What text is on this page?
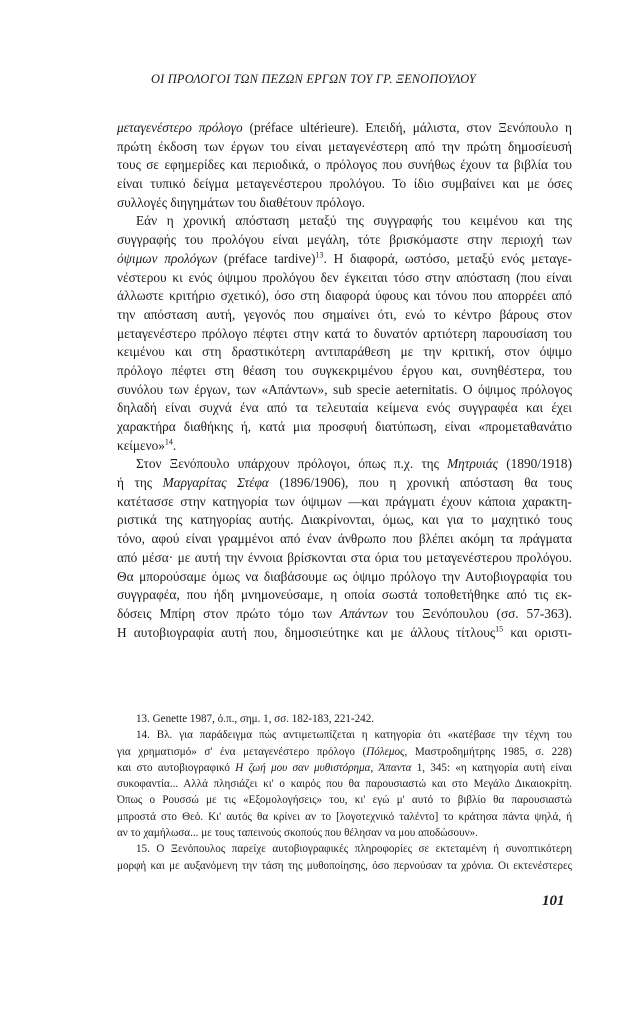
ΟΙ ΠΡΟΛΟΓΟΙ ΤΩΝ ΠΕΖΩΝ ΕΡΓΩΝ ΤΟΥ ΓΡ. ΞΕΝΟΠΟΥΛΟΥ
μεταγενέστερο πρόλογο (préface ultérieure). Επειδή, μάλιστα, στον Ξενόπουλο η
πρώτη έκδοση των έργων του είναι μεταγενέστερη από την πρώτη δημοσίευσή
τους σε εφημερίδες και περιοδικά, ο πρόλογος που συνήθως έχουν τα βιβλία του
είναι τυπικό δείγμα μεταγενέστερου προλόγου. Το ίδιο συμβαίνει και με όσες
συλλογές διηγημάτων του διαθέτουν πρόλογο.
Εάν η χρονική απόσταση μεταξύ της συγγραφής του κειμένου και της
συγγραφής του προλόγου είναι μεγάλη, τότε βρισκόμαστε στην περιοχή των
όψιμων προλόγων (préface tardive)$^{13}$. Η διαφορά, ωστόσο, μεταξύ ενός μεταγε-
νέστερου κι ενός όψιμου προλόγου δεν έγκειται τόσο στην απόσταση (που είναι
άλλωστε κριτήριο σχετικό), όσο στη διαφορά ύφους και τόνου που απορρέει από
την απόσταση αυτή, γεγονός που σημαίνει ότι, ενώ το κέντρο βάρους στον
μεταγενέστερο πρόλογο πέφτει στην κατά το δυνατόν αρτιότερη παρουσίαση του
κειμένου και στη δραστικότερη αντιπαράθεση με την κριτική, στον όψιμο
πρόλογο πέφτει στη θέαση του συγκεκριμένου έργου και, συνηθέστερα, του
συνόλου των έργων, των «Απάντων», sub specie aeternitatis. Ο όψιμος πρόλογος
δηλαδή είναι συχνά ένα από τα τελευταία κείμενα ενός συγγραφέα και έχει
χαρακτήρα διαθήκης ή, κατά μια προσφυή διατύπωση, είναι «προμεταθανάτιο
κείμενο»$^{14}$.
Στον Ξενόπουλο υπάρχουν πρόλογοι, όπως π.χ. της Μητρυιάς (1890/1918)
ή της Μαργαρίτας Στέφα (1896/1906), που η χρονική απόσταση θα τους
κατέτασσε στην κατηγορία των όψιμων —και πράγματι έχουν κάποια χαρακτη-
ριστικά της κατηγορίας αυτής. Διακρίνονται, όμως, και για το μαχητικό τους
τόνο, αφού είναι γραμμένοι από έναν άνθρωπο που βλέπει ακόμη τα πράγματα
από μέσα· με αυτή την έννοια βρίσκονται στα όρια του μεταγενέστερου προλόγου.
Θα μπορούσαμε όμως να διαβάσουμε ως όψιμο πρόλογο την Αυτοβιογραφία του
συγγραφέα, που ήδη μνημονεύσαμε, η οποία σωστά τοποθετήθηκε από τις εκ-
δόσεις Μπίρη στον πρώτο τόμο των Απάντων του Ξενόπουλου (σσ. 57-363).
Η αυτοβιογραφία αυτή που, δημοσιεύτηκε και με άλλους τίτλους$^{15}$ και οριστι-
13. Genette 1987, ό.π., σημ. 1, σσ. 182-183, 221-242.
14. Βλ. για παράδειγμα πώς αντιμετωπίζεται η κατηγορία ότι «κατέβασε την τέχνη του
για χρηματισμό» σ' ένα μεταγενέστερο πρόλογο (Πόλεμος, Μαστροδημήτρης 1985, σ. 228)
και στο αυτοβιογραφικό Η ζωή μου σαν μυθιστόρημα, Άπαντα 1, 345: «η κατηγορία αυτή είναι
συκοφαντία... Αλλά πλησιάζει κι' ο καιρός που θα παρουσιαστώ και στο Μεγάλο Δικαιοκρίτη.
Όπως ο Ρουσσώ με τις «Εξομολογήσεις» του, κι' εγώ μ' αυτό το βιβλίο θα παρουσιαστώ
μπροστά στο Θεό. Κι' αυτός θα κρίνει αν το [λογοτεχνικό ταλέντο] το κράτησα πάντα ψηλά, ή
αν το χαμήλωσα... με τους ταπεινούς σκοπούς που θέλησαν να μου αποδώσουν».
15. Ο Ξενόπουλος παρείχε αυτοβιογραφικές πληροφορίες σε εκτεταμένη ή συνοπτικότερη
μορφή και με αυξανόμενη την τάση της μυθοποίησης, όσο περνούσαν τα χρόνια. Οι εκτενέστερες
101
